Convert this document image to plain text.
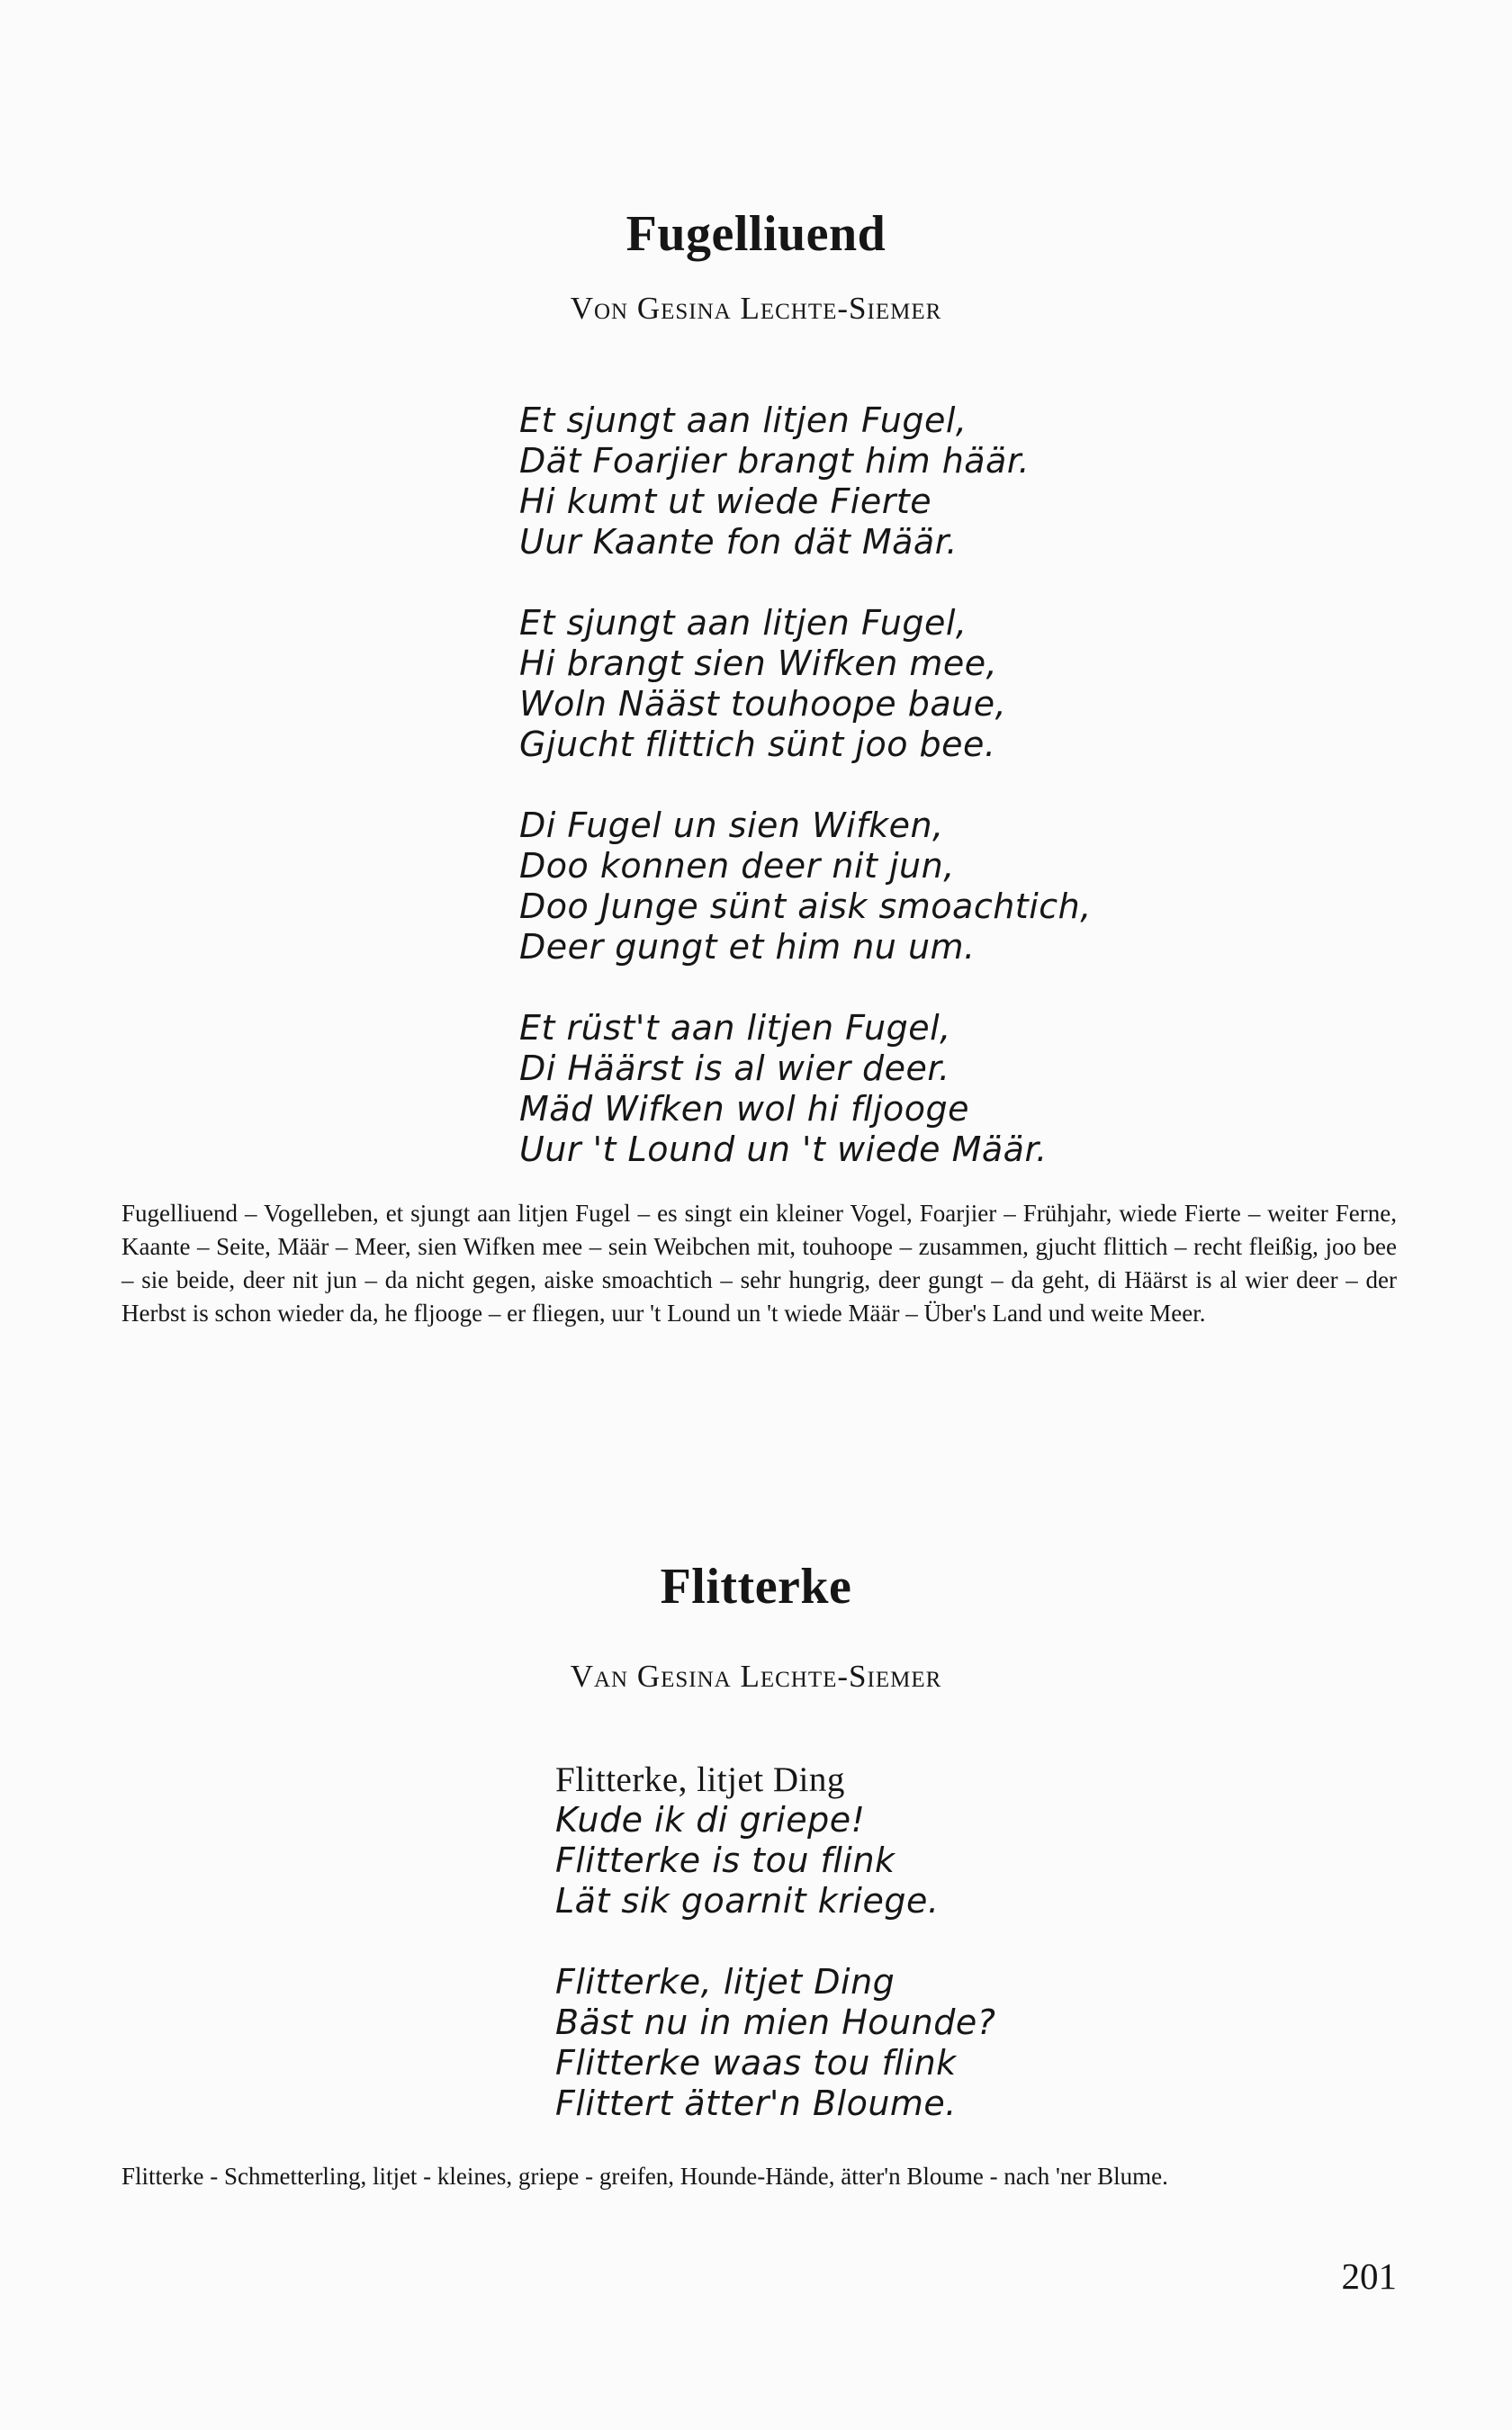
Fugelliuend
Von Gesina Lechte-Siemer
Et sjungt aan litjen Fugel,
Dät Foarjier brangt him häär.
Hi kumt ut wiede Fierte
Uur Kaante fon dät Määr.
Et sjungt aan litjen Fugel,
Hi brangt sien Wifken mee,
Woln Nääst touhoope baue,
Gjucht flittich sünt joo bee.
Di Fugel un sien Wifken,
Doo konnen deer nit jun,
Doo Junge sünt aisk smoachtich,
Deer gungt et him nu um.
Et rüst't aan litjen Fugel,
Di Häärst is al wier deer.
Mäd Wifken wol hi fljooge
Uur 't Lound un 't wiede Määr.

Fugelliuend – Vogelleben, et sjungt aan litjen Fugel – es singt ein kleiner Vogel, Foarjier – Frühjahr, wiede Fierte – weiter Ferne, Kaante – Seite, Määr – Meer, sien Wifken mee – sein Weibchen mit, touhoope – zusammen, gjucht flittich – recht fleißig, joo bee – sie beide, deer nit jun – da nicht gegen, aiske smoachtich – sehr hungrig, deer gungt – da geht, di Häärst is al wier deer – der Herbst is schon wieder da, he fljooge – er fliegen, uur 't Lound un 't wiede Määr – Über's Land und weite Meer.

Flitterke
Van Gesina Lechte-Siemer
Flitterke, litjet Ding
Kude ik di griepe!
Flitterke is tou flink
Lät sik goarnit kriege.
Flitterke, litjet Ding
Bäst nu in mien Hounde?
Flitterke waas tou flink
Flittert ätter'n Bloume.

Flitterke - Schmetterling, litjet - kleines, griepe - greifen, Hounde-Hände, ätter'n Bloume - nach 'ner Blume.

201
